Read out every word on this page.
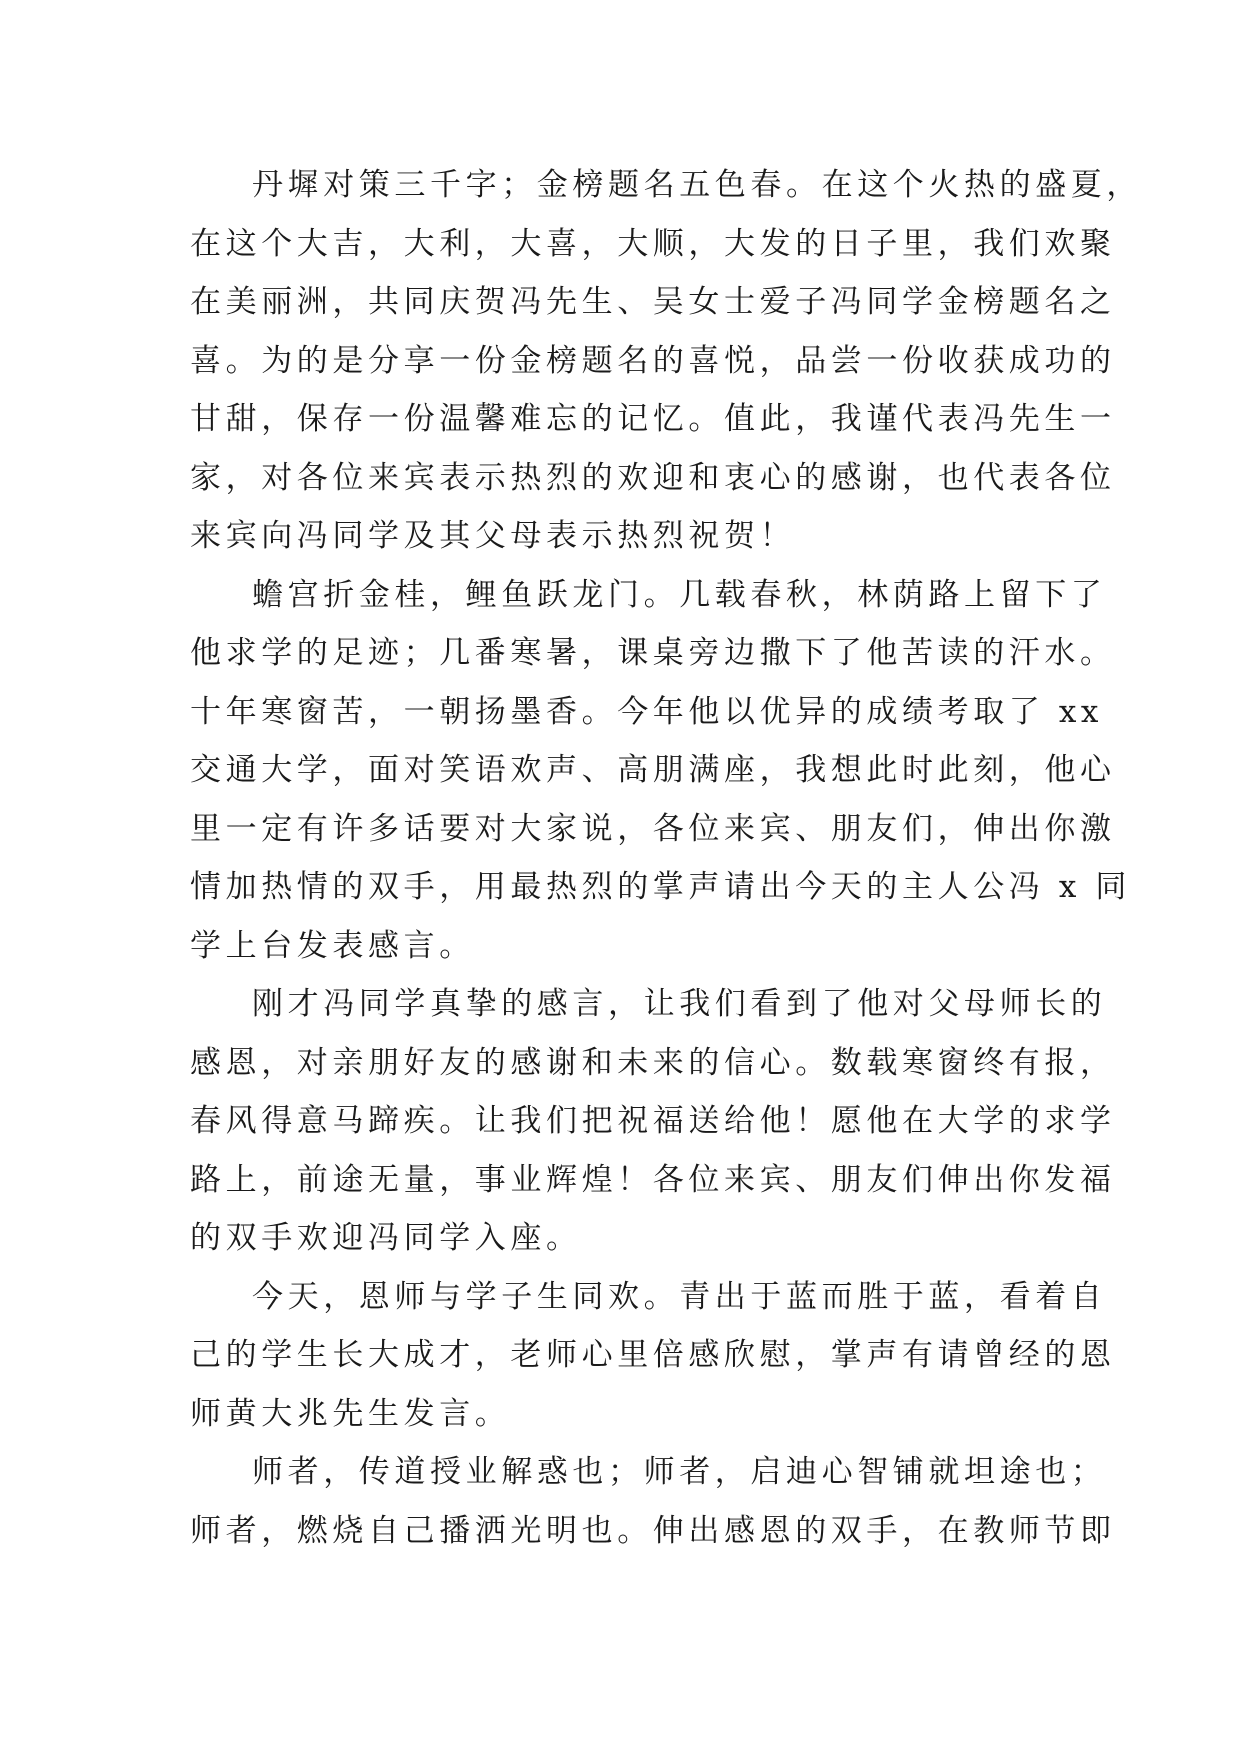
丹墀对策三千字；金榜题名五色春。在这个火热的盛夏，
在这个大吉，大利，大喜，大顺，大发的日子里，我们欢聚
在美丽洲，共同庆贺冯先生、吴女士爱子冯同学金榜题名之
喜。为的是分享一份金榜题名的喜悦，品尝一份收获成功的
甘甜，保存一份温馨难忘的记忆。值此，我谨代表冯先生一
家，对各位来宾表示热烈的欢迎和衷心的感谢，也代表各位
来宾向冯同学及其父母表示热烈祝贺！

蟾宫折金桂，鲤鱼跃龙门。几载春秋，林荫路上留下了
他求学的足迹；几番寒暑，课桌旁边撒下了他苦读的汗水。
十年寒窗苦，一朝扬墨香。今年他以优异的成绩考取了 xx
交通大学，面对笑语欢声、高朋满座，我想此时此刻，他心
里一定有许多话要对大家说，各位来宾、朋友们，伸出你激
情加热情的双手，用最热烈的掌声请出今天的主人公冯 x 同
学上台发表感言。

刚才冯同学真挚的感言，让我们看到了他对父母师长的
感恩，对亲朋好友的感谢和未来的信心。数载寒窗终有报，
春风得意马蹄疾。让我们把祝福送给他！愿他在大学的求学
路上，前途无量，事业辉煌！各位来宾、朋友们伸出你发福
的双手欢迎冯同学入座。

今天，恩师与学子生同欢。青出于蓝而胜于蓝，看着自
己的学生长大成才，老师心里倍感欣慰，掌声有请曾经的恩
师黄大兆先生发言。

师者，传道授业解惑也；师者，启迪心智铺就坦途也；
师者，燃烧自己播洒光明也。伸出感恩的双手，在教师节即
